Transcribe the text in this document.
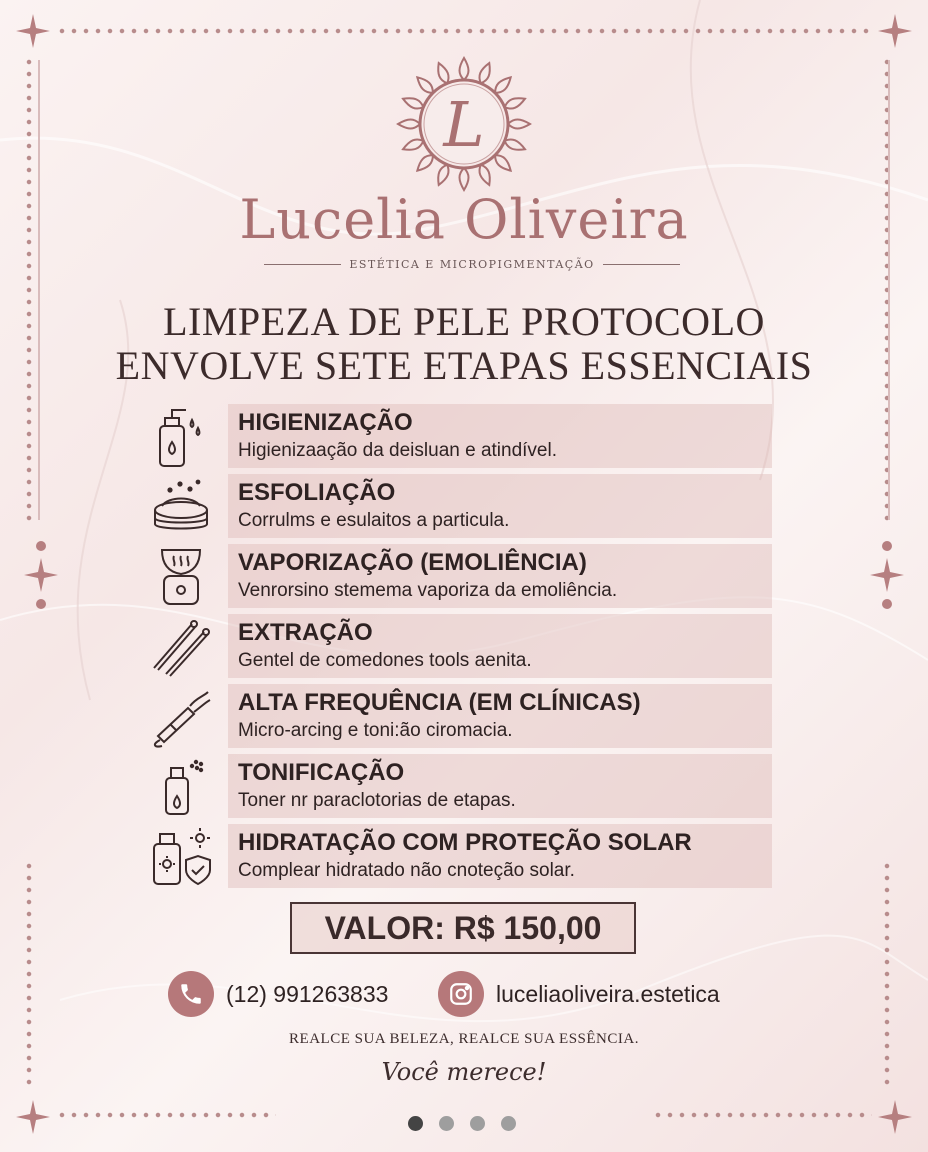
L
Lucelia Oliveira
ESTÉTICA E MICROPIGMENTAÇÃO
LIMPEZA DE PELE PROTOCOLO
ENVOLVE SETE ETAPAS ESSENCIAIS
HIGIENIZAÇÃO
Higienizaação da deisluan e atindível.
ESFOLIAÇÃO
Corrulms e esulaitos a particula.
VAPORIZAÇÃO (EMOLIÊNCIA)
Venrorsino stemema vaporiza da emoliência.
EXTRAÇÃO
Gentel de comedones tools aenita.
ALTA FREQUÊNCIA (EM CLÍNICAS)
Micro-arcing e toni:ão ciromacia.
TONIFICAÇÃO
Toner nr paraclotorias de etapas.
HIDRATAÇÃO COM PROTEÇÃO SOLAR
Complear hidratado não cnoteção solar.
VALOR: R$ 150,00
(12) 991263833	luceliaoliveira.estetica
REALCE SUA BELEZA, REALCE SUA ESSÊNCIA.
Você merece!
